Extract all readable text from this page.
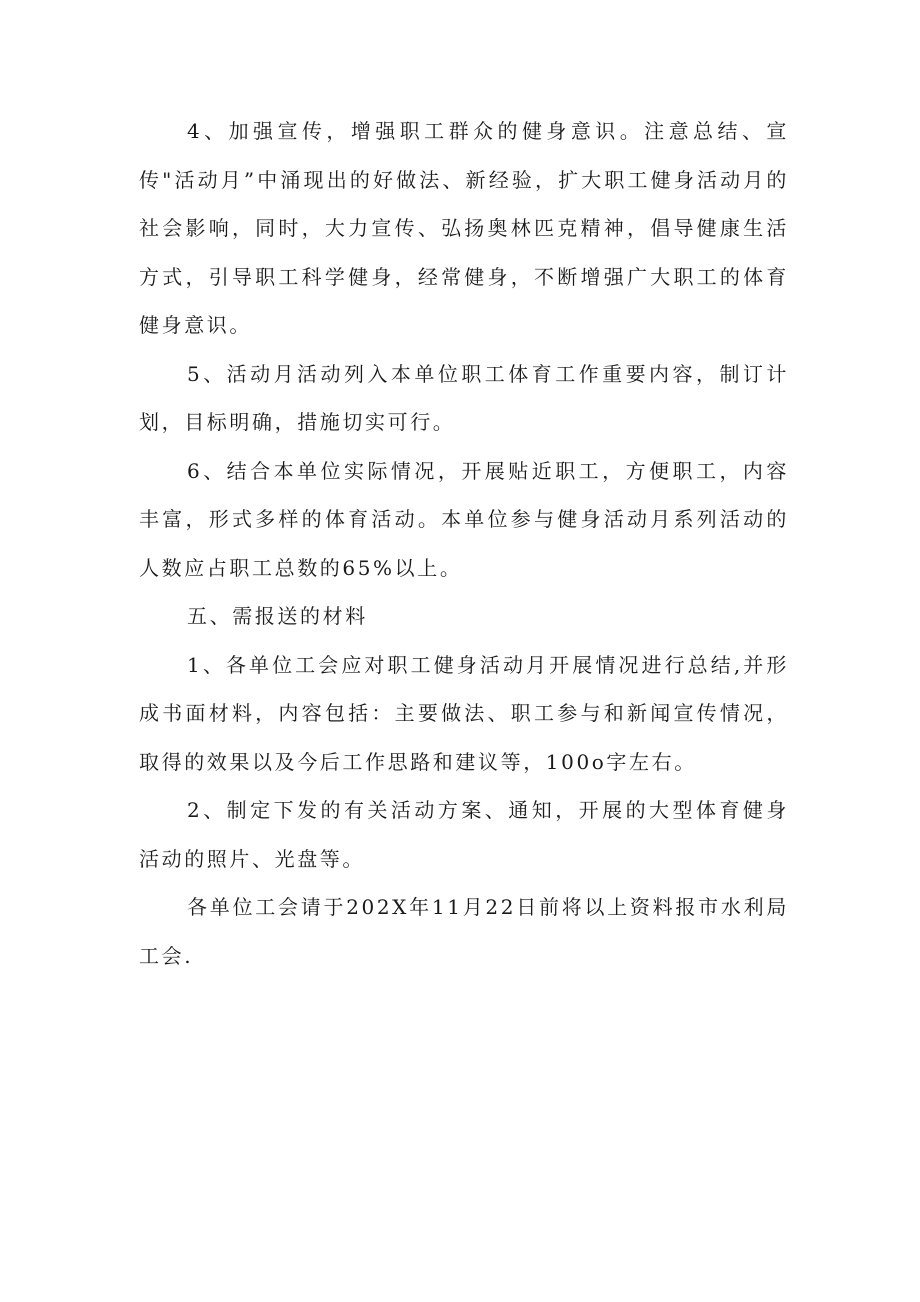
4、加强宣传，增强职工群众的健身意识。注意总结、宣传"活动月”中涌现出的好做法、新经验，扩大职工健身活动月的社会影响，同时，大力宣传、弘扬奥林匹克精神，倡导健康生活方式，引导职工科学健身，经常健身，不断增强广大职工的体育健身意识。

5、活动月活动列入本单位职工体育工作重要内容，制订计划，目标明确，措施切实可行。

6、结合本单位实际情况，开展贴近职工，方便职工，内容丰富，形式多样的体育活动。本单位参与健身活动月系列活动的人数应占职工总数的65%以上。

五、需报送的材料

1、各单位工会应对职工健身活动月开展情况进行总结,并形成书面材料，内容包括：主要做法、职工参与和新闻宣传情况，取得的效果以及今后工作思路和建议等，100o字左右。

2、制定下发的有关活动方案、通知，开展的大型体育健身活动的照片、光盘等。

各单位工会请于202X年11月22日前将以上资料报市水利局工会.
